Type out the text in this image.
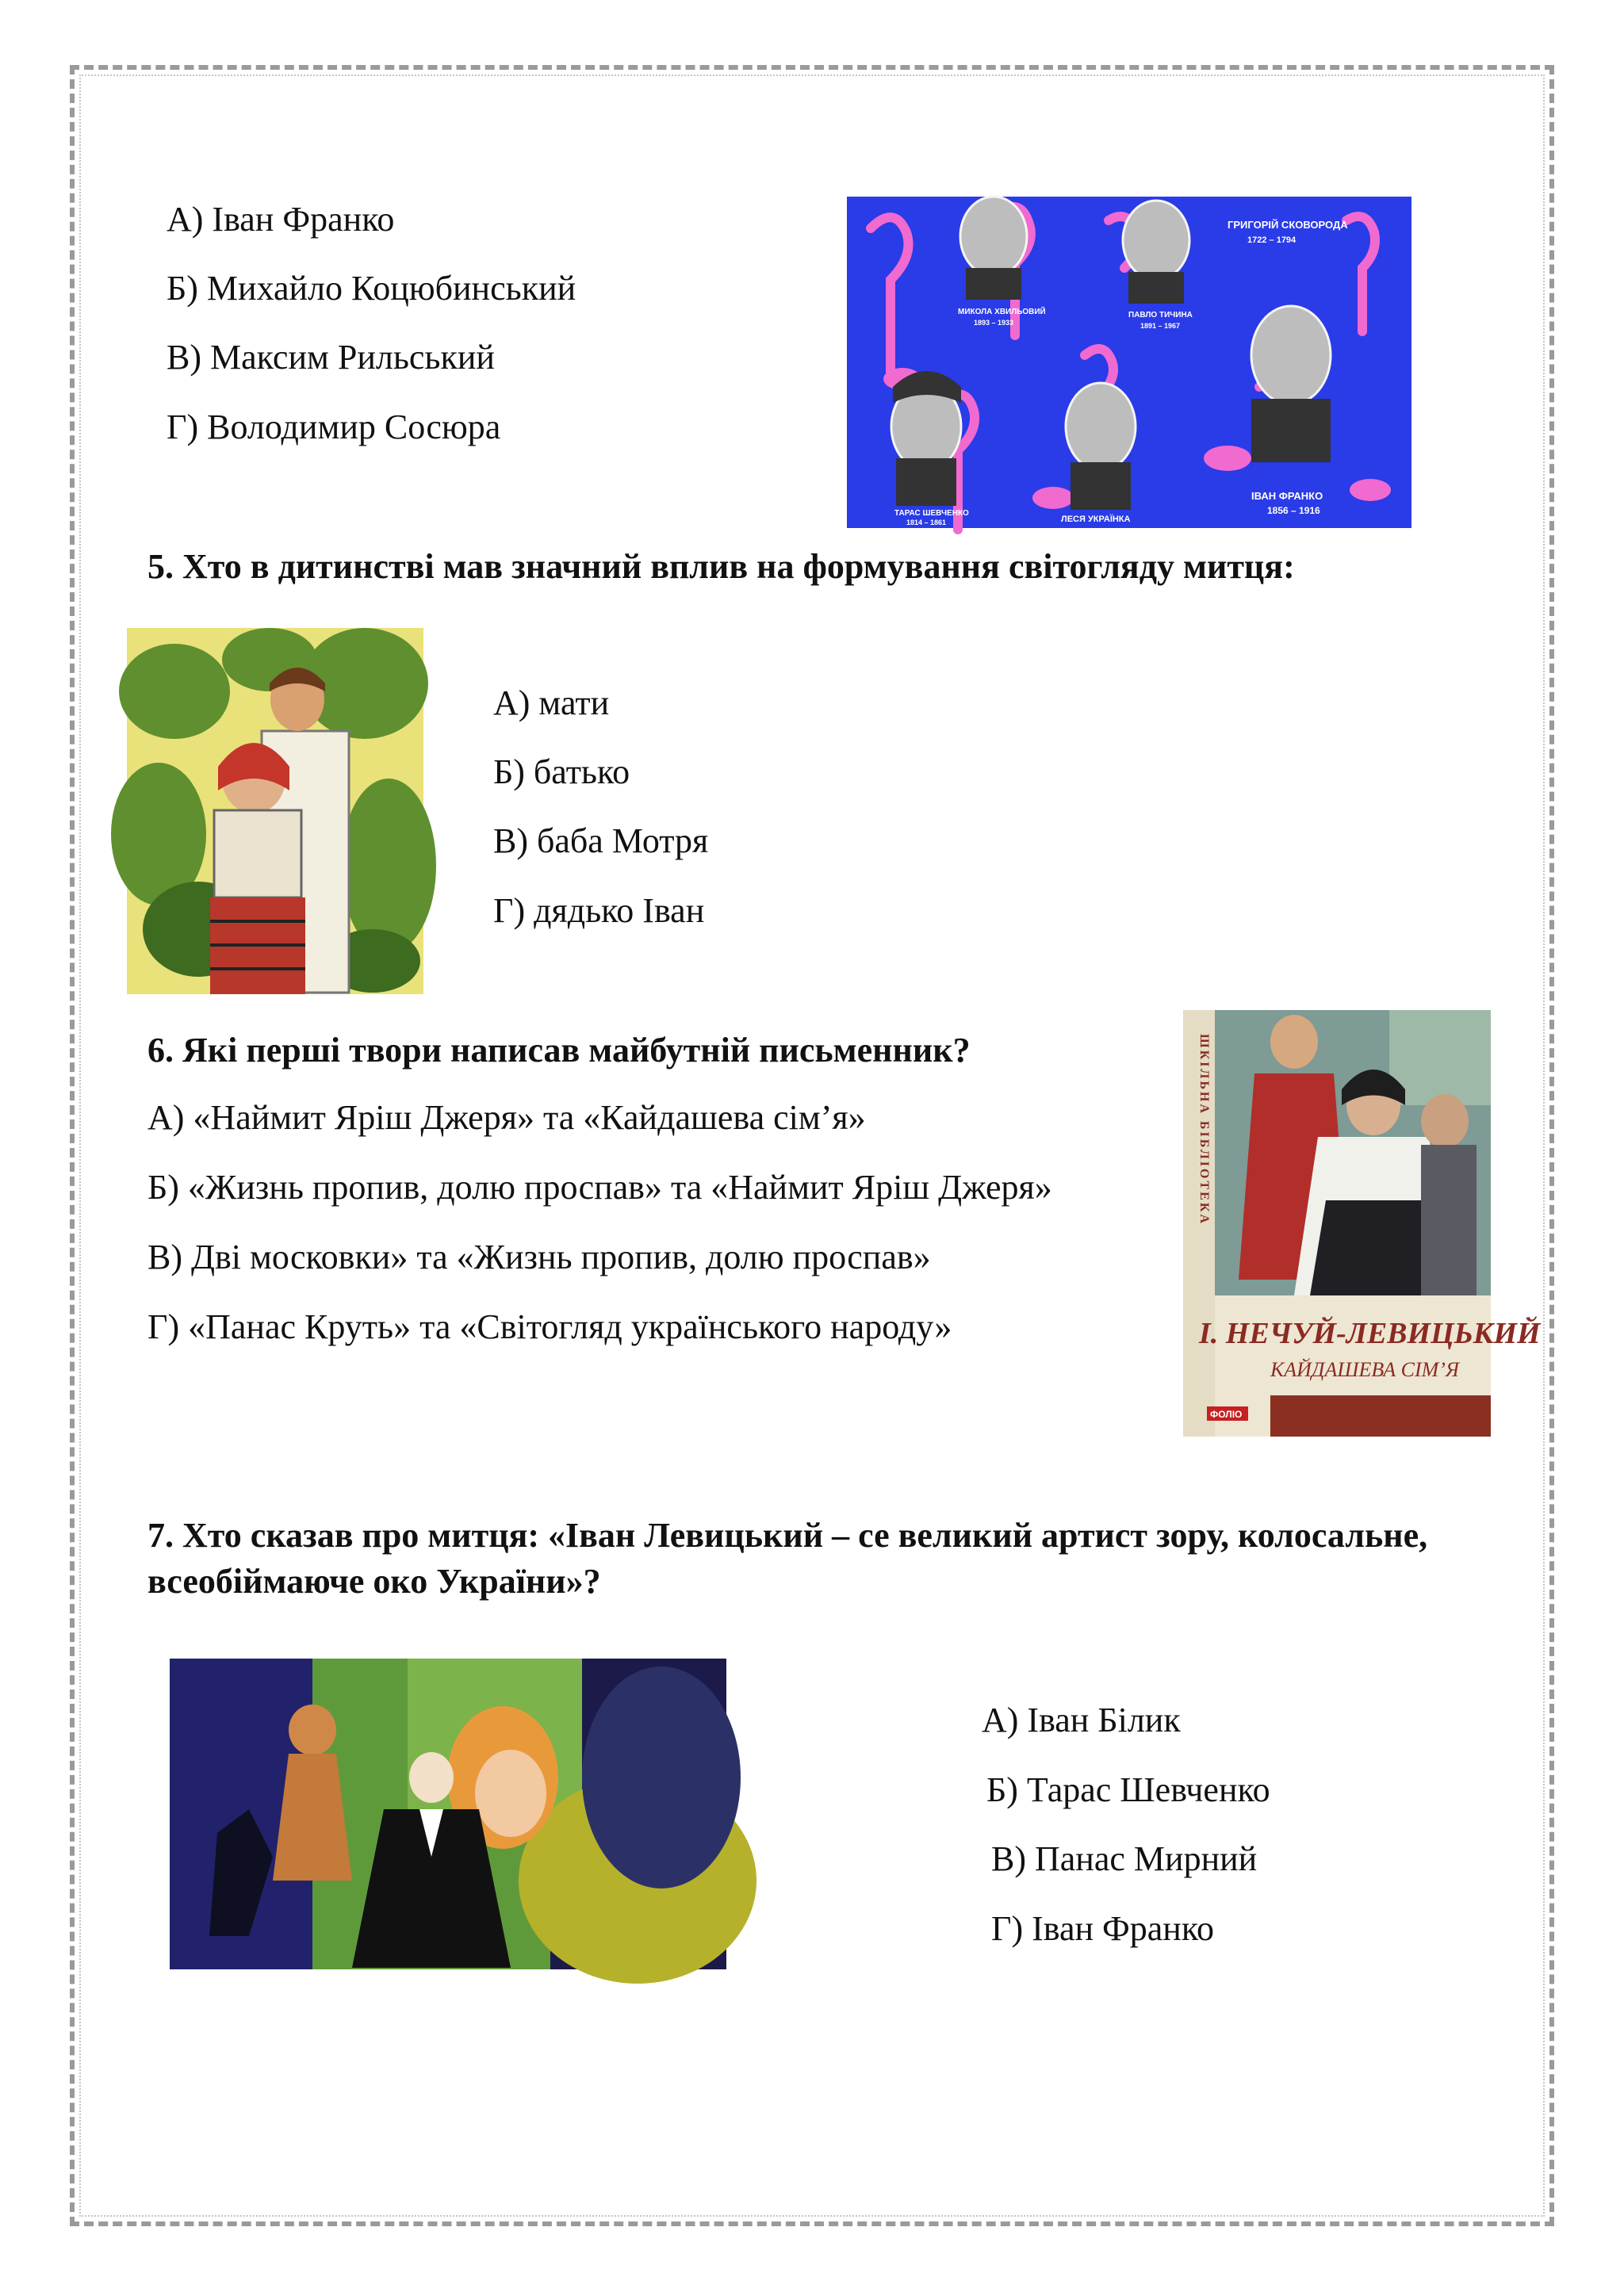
А) Іван Франко
Б) Михайло Коцюбинський
В) Максим Рильський
Г) Володимир Сосюра
ГРИГОРІЙ СКОВОРОДА
1722 – 1794
МИКОЛА ХВИЛЬОВИЙ
1893 – 1933
ПАВЛО ТИЧИНА
1891 – 1967
ТАРАС ШЕВЧЕНКО
1814 – 1861	ЛЕСЯ УКРАЇНКА
ІВАН ФРАНКО
1856 – 1916
5. Хто в дитинстві мав значний вплив на формування світогляду митця:
А) мати
Б) батько
В) баба Мотря
Г) дядько Іван
6. Які перші твори написав майбутній письменник?
А) «Наймит Яріш Джеря» та «Кайдашева сім’я»
Б) «Жизнь пропив, долю проспав» та «Наймит Яріш Джеря»
В) Дві московки» та «Жизнь пропив, долю проспав»
Г) «Панас Круть» та «Світогляд українського народу»
ШКІЛЬНА БІБЛІОТЕКА
І. НЕЧУЙ-ЛЕВИЦЬКИЙ
КАЙДАШЕВА СІМ’Я
ФОЛІО
7. Хто сказав про митця: «Іван Левицький – се великий артист зору, колосальне, всеобіймаюче око України»?
А) Іван Білик
Б) Тарас Шевченко
В) Панас Мирний
Г) Іван Франко
